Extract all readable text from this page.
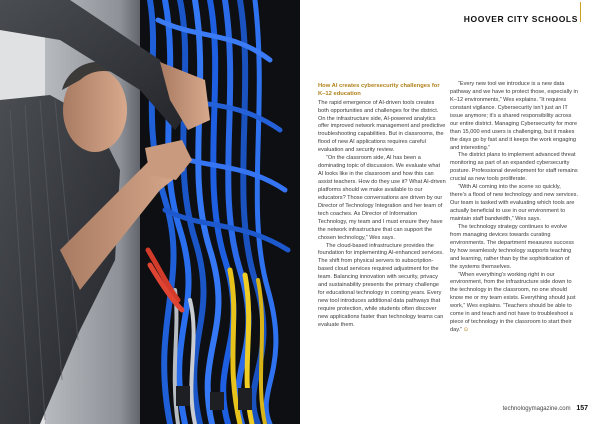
HOOVER CITY SCHOOLS
How AI creates cybersecurity challenges for K–12 education

The rapid emergence of AI-driven tools creates both opportunities and challenges for the district. On the infrastructure side, AI-powered analytics offer improved network management and predictive troubleshooting capabilities. But in classrooms, the flood of new AI applications requires careful evaluation and security review.

“On the classroom side, AI has been a dominating topic of discussion. We evaluate what AI looks like in the classroom and how this can assist teachers. How do they use it? What AI-driven platforms should we make available to our educators? Those conversations are driven by our Director of Technology Integration and her team of tech coaches. As Director of Information Technology, my team and I must ensure they have the network infrastructure that can support the chosen technology,” Wes says.

The cloud-based infrastructure provides the foundation for implementing AI-enhanced services. The shift from physical servers to subscription-based cloud services required adjustment for the team. Balancing innovation with security, privacy and sustainability presents the primary challenge for educational technology in coming years. Every new tool introduces additional data pathways that require protection, while students often discover new applications faster than technology teams can evaluate them.

“Every new tool we introduce is a new data pathway and we have to protect those, especially in K–12 environments,” Wes explains. “It requires constant vigilance. Cybersecurity isn’t just an IT issue anymore; it’s a shared responsibility across our entire district. Managing Cybersecurity for more than 15,000 end users is challenging, but it makes the days go by fast and it keeps the work engaging and interesting.”

The district plans to implement advanced threat monitoring as part of an expanded cybersecurity posture. Professional development for staff remains crucial as new tools proliferate.

“With AI coming into the scene so quickly, there’s a flood of new technology and new services. Our team is tasked with evaluating which tools are actually beneficial to use in our environment to maintain staff bandwidth,” Wes says.

The technology strategy continues to evolve from managing devices towards curating environments. The department measures success by how seamlessly technology supports teaching and learning, rather than by the sophistication of the systems themselves.

“When everything’s working right in our environment, from the infrastructure side down to the technology in the classroom, no one should know me or my team exists. Everything should just work,” Wes explains. “Teachers should be able to come in and teach and not have to troubleshoot a piece of technology in the classroom to start their day.” ⊙

technologymagazine.com 157
